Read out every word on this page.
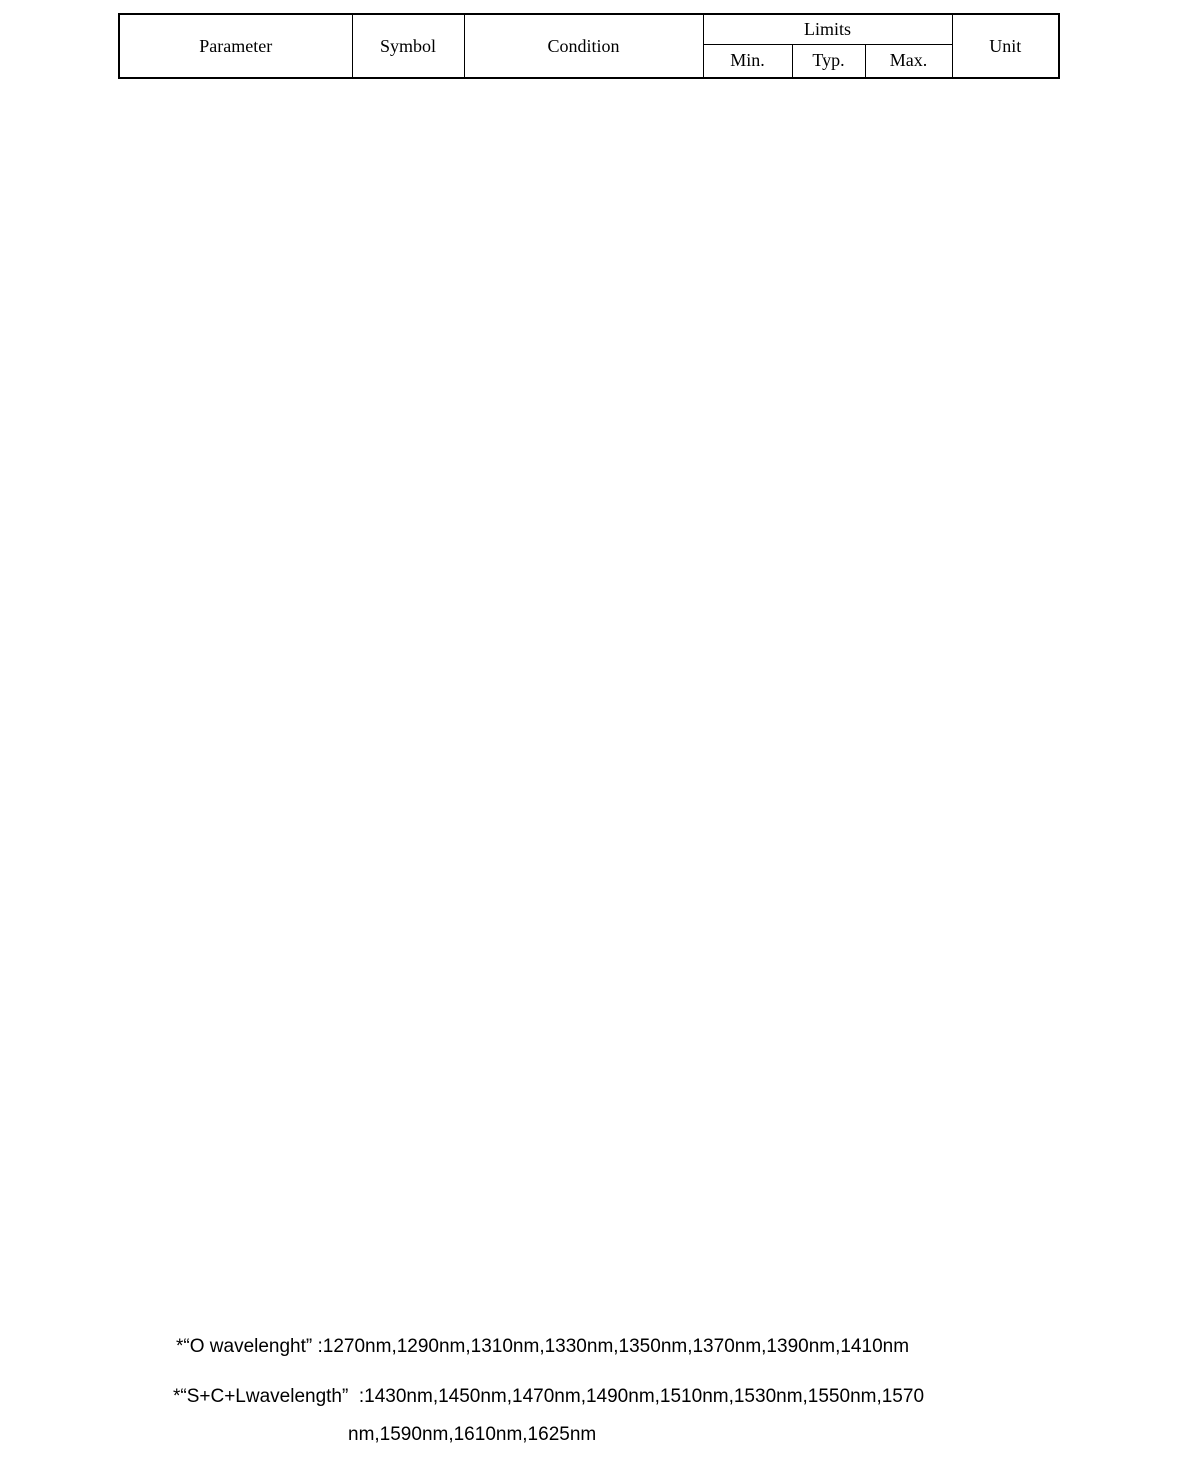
Parameter	Symbol	Condition	Limits			Unit
			Min.	Typ.	Max.	
*“O wavelenght” :1270nm,1290nm,1310nm,1330nm,1350nm,1370nm,1390nm,1410nm
*“S+C+Lwavelength”  :1430nm,1450nm,1470nm,1490nm,1510nm,1530nm,1550nm,1570
nm,1590nm,1610nm,1625nm
